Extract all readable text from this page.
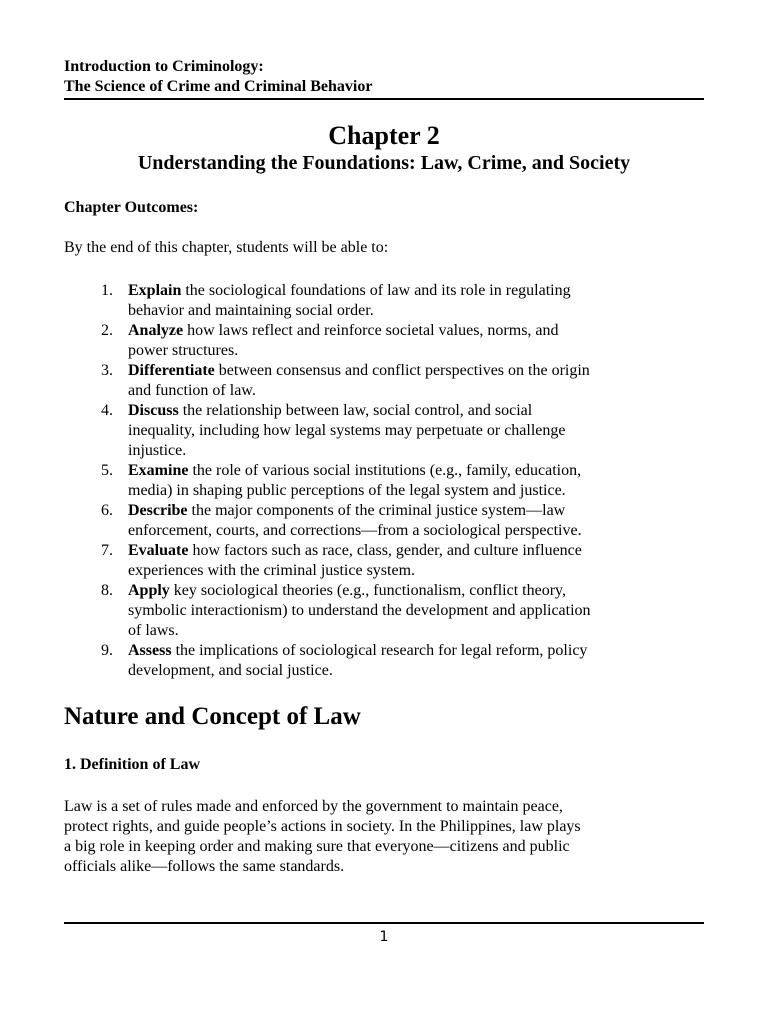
Introduction to Criminology:
The Science of Crime and Criminal Behavior
Chapter 2
Understanding the Foundations: Law, Crime, and Society
Chapter Outcomes:
By the end of this chapter, students will be able to:
1. Explain the sociological foundations of law and its role in regulating
behavior and maintaining social order.
2. Analyze how laws reflect and reinforce societal values, norms, and
power structures.
3. Differentiate between consensus and conflict perspectives on the origin
and function of law.
4. Discuss the relationship between law, social control, and social
inequality, including how legal systems may perpetuate or challenge
injustice.
5. Examine the role of various social institutions (e.g., family, education,
media) in shaping public perceptions of the legal system and justice.
6. Describe the major components of the criminal justice system—law
enforcement, courts, and corrections—from a sociological perspective.
7. Evaluate how factors such as race, class, gender, and culture influence
experiences with the criminal justice system.
8. Apply key sociological theories (e.g., functionalism, conflict theory,
symbolic interactionism) to understand the development and application
of laws.
9. Assess the implications of sociological research for legal reform, policy
development, and social justice.
Nature and Concept of Law
1. Definition of Law
Law is a set of rules made and enforced by the government to maintain peace,
protect rights, and guide people’s actions in society. In the Philippines, law plays
a big role in keeping order and making sure that everyone—citizens and public
officials alike—follows the same standards.
1
